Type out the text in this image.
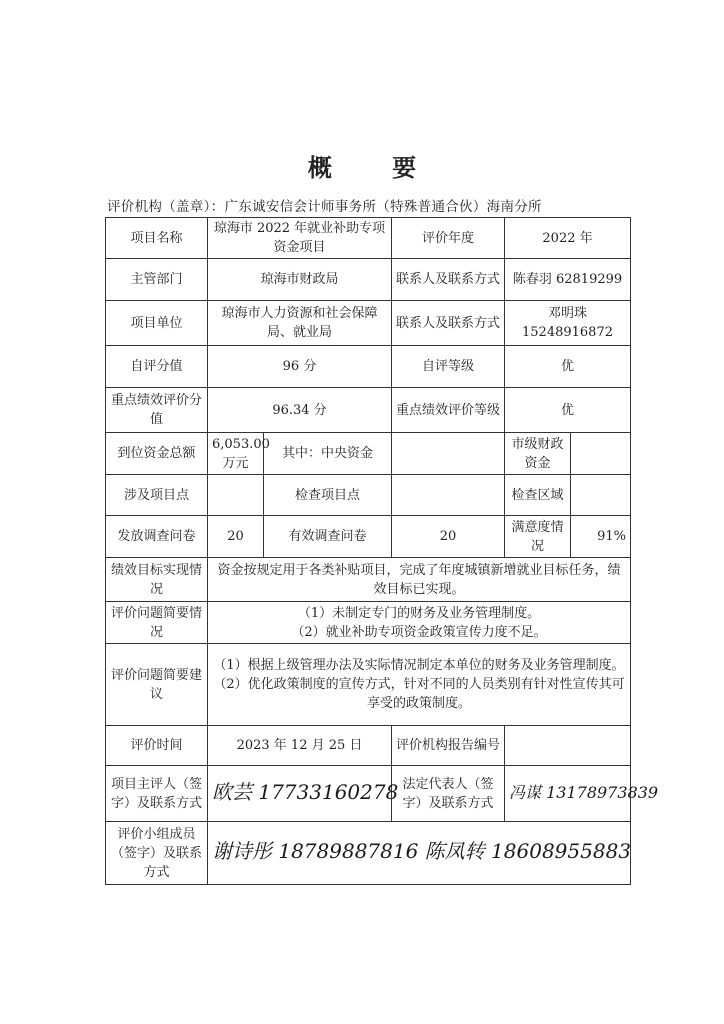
概 要
评价机构（盖章）：广东诚安信会计师事务所（特殊普通合伙）海南分所
项目名称	琼海市 2022 年就业补助专项资金项目		评价年度	2022 年	
主管部门	琼海市财政局		联系人及联系方式	陈春羽 62819299	
项目单位	琼海市人力资源和社会保障局、就业局		联系人及联系方式	邓明珠 15248916872	
自评分值	96 分		自评等级	优	
重点绩效评价分值	96.34 分		重点绩效评价等级	优	
到位资金总额	6,053.00 万元	其中：中央资金		市级财政资金	
涉及项目点		检查项目点		检查区域	
发放调查问卷	20	有效调查问卷	20	满意度情况	91%
绩效目标实现情况	资金按规定用于各类补贴项目，完成了年度城镇新增就业目标任务，绩效目标已实现。				
评价问题简要情况	（1）未制定专门的财务及业务管理制度。
（2）就业补助专项资金政策宣传力度不足。				

评价问题简要建议	（1）根据上级管理办法及实际情况制定本单位的财务及业务管理制度。
（2）优化政策制度的宣传方式，针对不同的人员类别有针对性宣传其可享受的政策制度。				

评价时间	2023 年 12 月 25 日		评价机构报告编号		
项目主评人（签字）及联系方式	欧芸 17733160278		法定代表人（签字）及联系方式	冯谋 13178973839	
评价小组成员（签字）及联系方式	谢诗彤 18789887816 陈凤转 18608955883				
